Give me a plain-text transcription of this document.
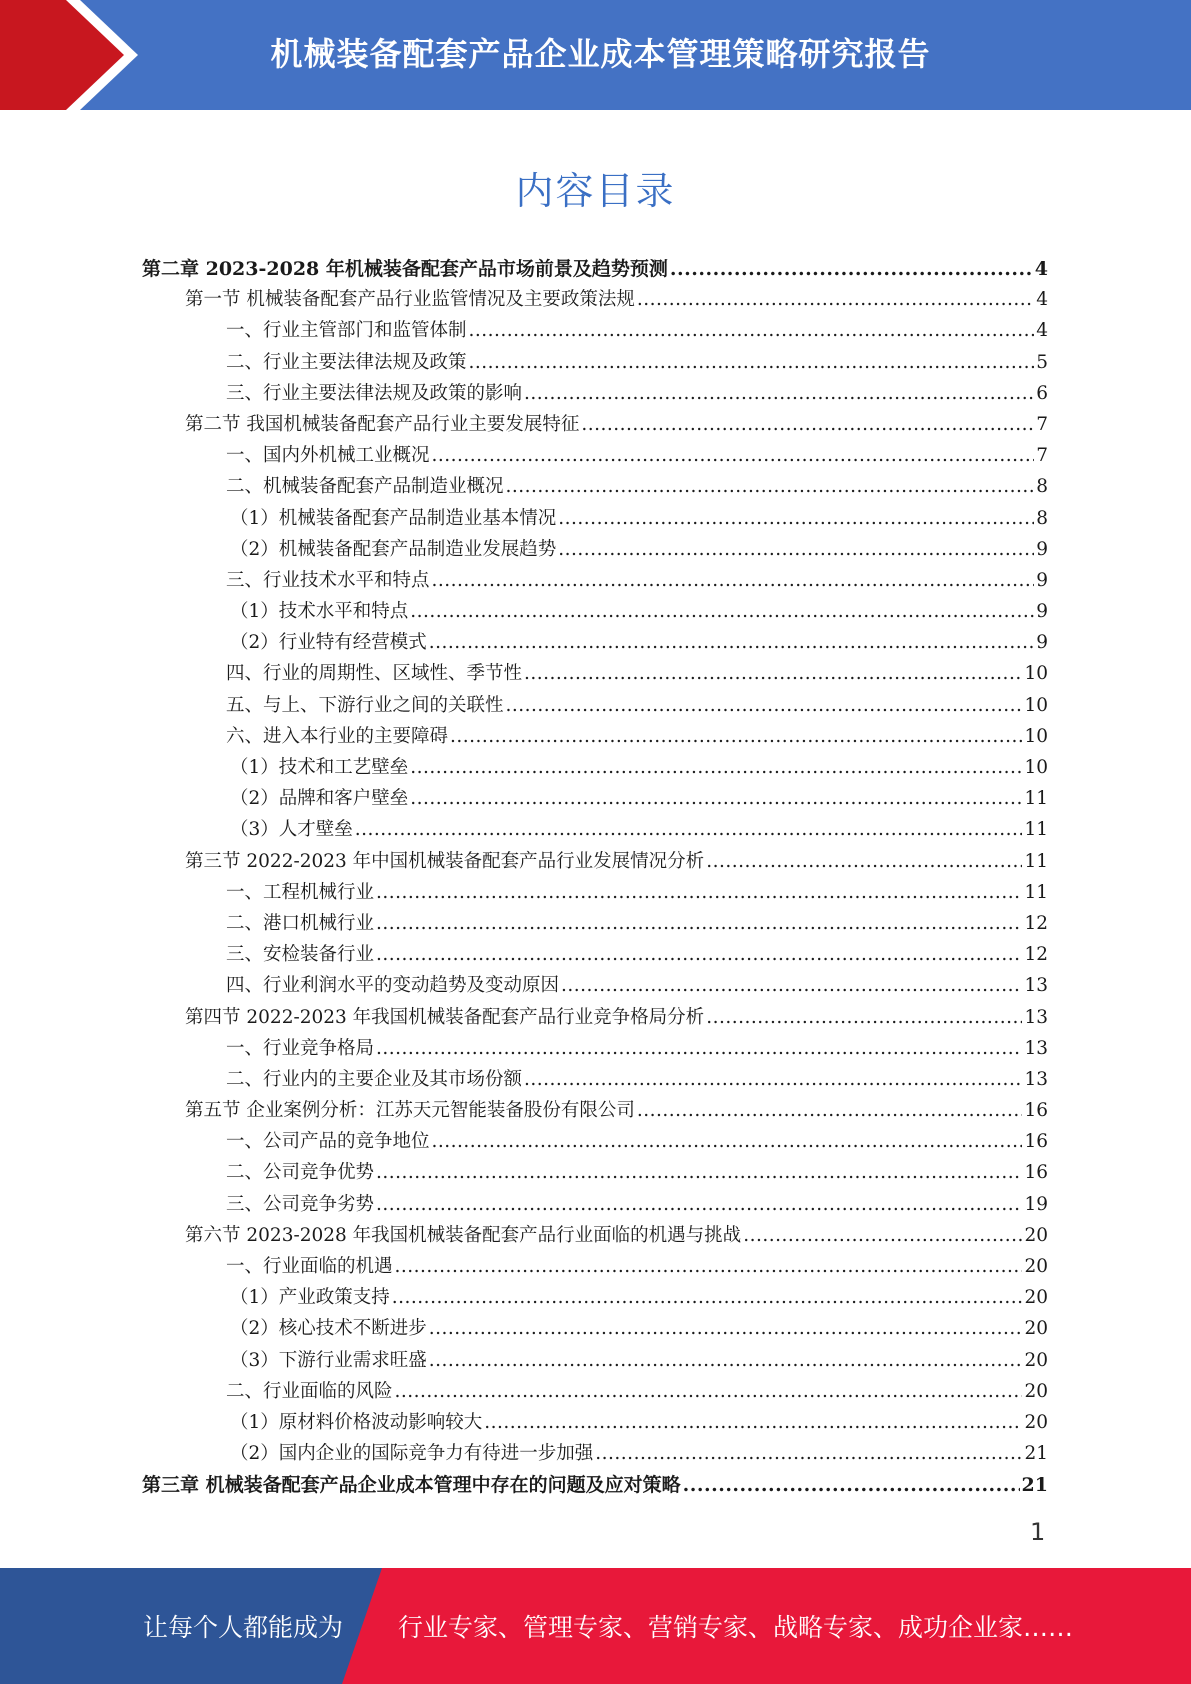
机械装备配套产品企业成本管理策略研究报告
内容目录
第二章 2023-2028 年机械装备配套产品市场前景及趋势预测 .....	4
第一节 机械装备配套产品行业监管情况及主要政策法规 .....	4
一、行业主管部门和监管体制 .....	4
二、行业主要法律法规及政策 .....	5
三、行业主要法律法规及政策的影响 .....	6
第二节 我国机械装备配套产品行业主要发展特征 .....	7
一、国内外机械工业概况 .....	7
二、机械装备配套产品制造业概况 .....	8
（1）机械装备配套产品制造业基本情况 .....	8
（2）机械装备配套产品制造业发展趋势 .....	9
三、行业技术水平和特点 .....	9
（1）技术水平和特点 .....	9
（2）行业特有经营模式 .....	9
四、行业的周期性、区域性、季节性 .....	10
五、与上、下游行业之间的关联性 .....	10
六、进入本行业的主要障碍 .....	10
（1）技术和工艺壁垒 .....	10
（2）品牌和客户壁垒 .....	11
（3）人才壁垒 .....	11
第三节 2022-2023 年中国机械装备配套产品行业发展情况分析 .....	11
一、工程机械行业 .....	11
二、港口机械行业 .....	12
三、安检装备行业 .....	12
四、行业利润水平的变动趋势及变动原因 .....	13
第四节 2022-2023 年我国机械装备配套产品行业竞争格局分析 .....	13
一、行业竞争格局 .....	13
二、行业内的主要企业及其市场份额 .....	13
第五节 企业案例分析：江苏天元智能装备股份有限公司 .....	16
一、公司产品的竞争地位 .....	16
二、公司竞争优势 .....	16
三、公司竞争劣势 .....	19
第六节 2023-2028 年我国机械装备配套产品行业面临的机遇与挑战 .....	20
一、行业面临的机遇 .....	20
（1）产业政策支持 .....	20
（2）核心技术不断进步 .....	20
（3）下游行业需求旺盛 .....	20
二、行业面临的风险 .....	20
（1）原材料价格波动影响较大 .....	20
（2）国内企业的国际竞争力有待进一步加强 .....	21
第三章 机械装备配套产品企业成本管理中存在的问题及应对策略 .....	21
1
让每个人都能成为 行业专家、管理专家、营销专家、战略专家、成功企业家……
